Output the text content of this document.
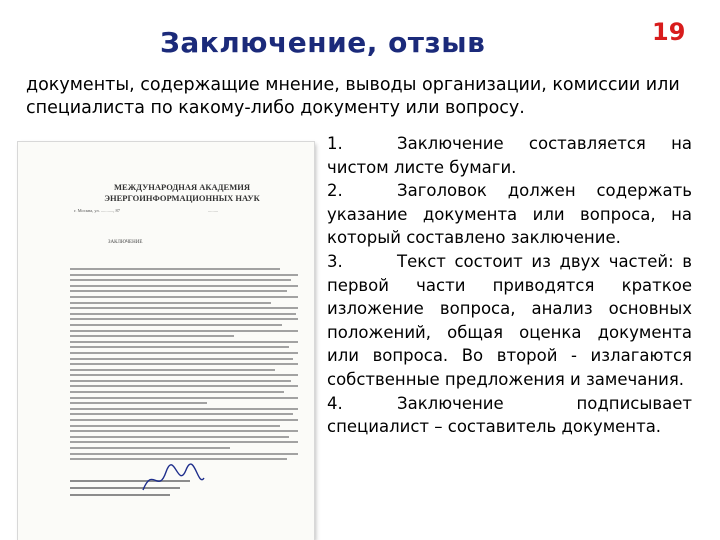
Заключение, отзыв	19
документы, содержащие мнение, выводы организации, комиссии или специалиста по какому-либо документу или вопросу.
МЕЖДУНАРОДНАЯ АКАДЕМИЯ ЭНЕРГОИНФОРМАЦИОННЫХ НАУК
г. Москва, ул. ..........., 87	.........
ЗАКЛЮЧЕНИЕ

1.	Заключение составляется на чистом листе бумаги.

2.	Заголовок должен содержать указание документа или вопроса, на который составлено заключение.

3.	Текст состоит из двух частей: в первой части приводятся краткое изложение вопроса, анализ основных положений, общая оценка документа или вопроса. Во второй - излагаются собственные предложения и замечания.

4.	Заключение подписывает специалист – составитель документа.
